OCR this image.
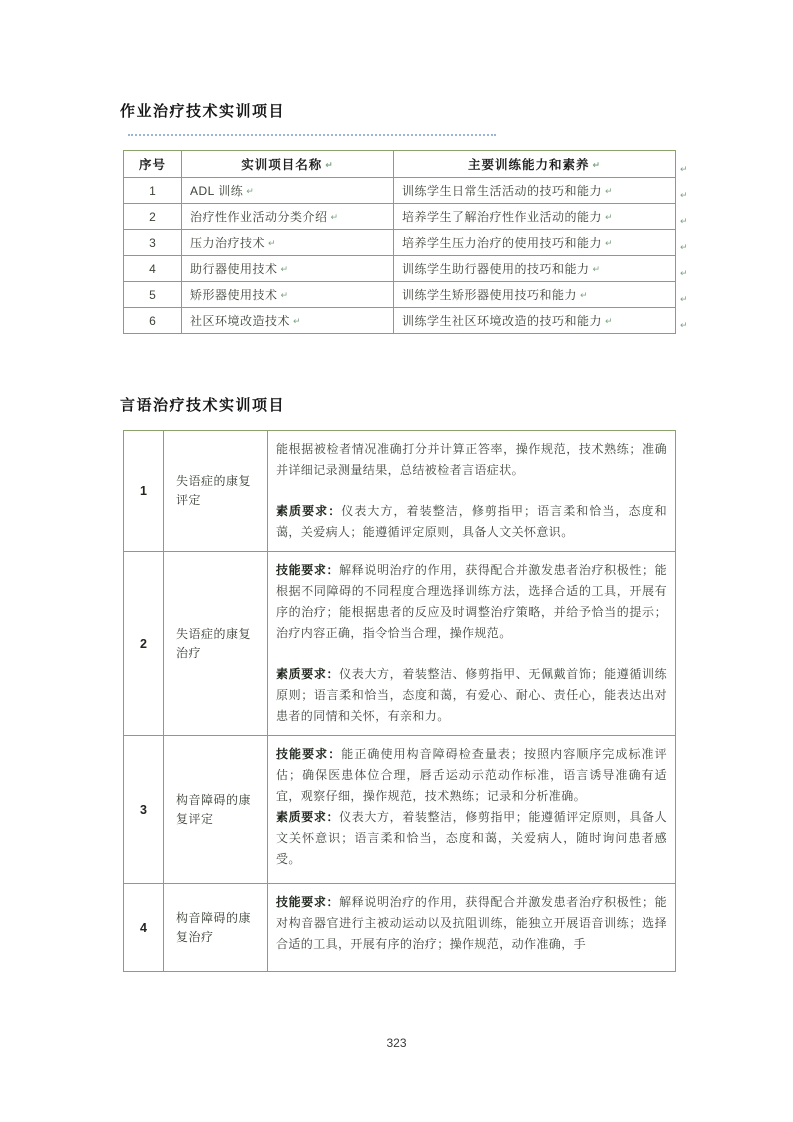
作业治疗技术实训项目
序号	实训项目名称 ↵	主要训练能力和素养 ↵
1	ADL 训练 ↵	训练学生日常生活活动的技巧和能力 ↵
2	治疗性作业活动分类介绍 ↵	培养学生了解治疗性作业活动的能力 ↵
3	压力治疗技术 ↵	培养学生压力治疗的使用技巧和能力 ↵
4	助行器使用技术 ↵	训练学生助行器使用的技巧和能力 ↵
5	矫形器使用技术 ↵	训练学生矫形器使用技巧和能力 ↵
6	社区环境改造技术 ↵	训练学生社区环境改造的技巧和能力 ↵
↵
↵
↵
↵
↵
↵
↵
言语治疗技术实训项目
1	失语症的康复评定	能根据被检者情况准确打分并计算正答率，操作规范，技术熟练；准确并详细记录测量结果，总结被检者言语症状。

素质要求：仪表大方，着装整洁，修剪指甲；语言柔和恰当，态度和蔼，关爱病人；能遵循评定原则，具备人文关怀意识。

2	失语症的康复治疗	技能要求：解释说明治疗的作用，获得配合并激发患者治疗积极性；能根据不同障碍的不同程度合理选择训练方法，选择合适的工具，开展有序的治疗；能根据患者的反应及时调整治疗策略，并给予恰当的提示；治疗内容正确，指令恰当合理，操作规范。

素质要求：仪表大方，着装整洁、修剪指甲、无佩戴首饰；能遵循训练原则；语言柔和恰当，态度和蔼，有爱心、耐心、责任心，能表达出对患者的同情和关怀，有亲和力。

3	构音障碍的康复评定	技能要求：能正确使用构音障碍检查量表；按照内容顺序完成标准评估；确保医患体位合理，唇舌运动示范动作标准，语言诱导准确有适宜，观察仔细，操作规范，技术熟练；记录和分析准确。

素质要求：仪表大方，着装整洁，修剪指甲；能遵循评定原则，具备人文关怀意识；语言柔和恰当，态度和蔼，关爱病人，随时询问患者感受。

4	构音障碍的康复治疗	技能要求：解释说明治疗的作用，获得配合并激发患者治疗积极性；能对构音器官进行主被动运动以及抗阻训练，能独立开展语音训练；选择合适的工具，开展有序的治疗；操作规范，动作准确，手

323
